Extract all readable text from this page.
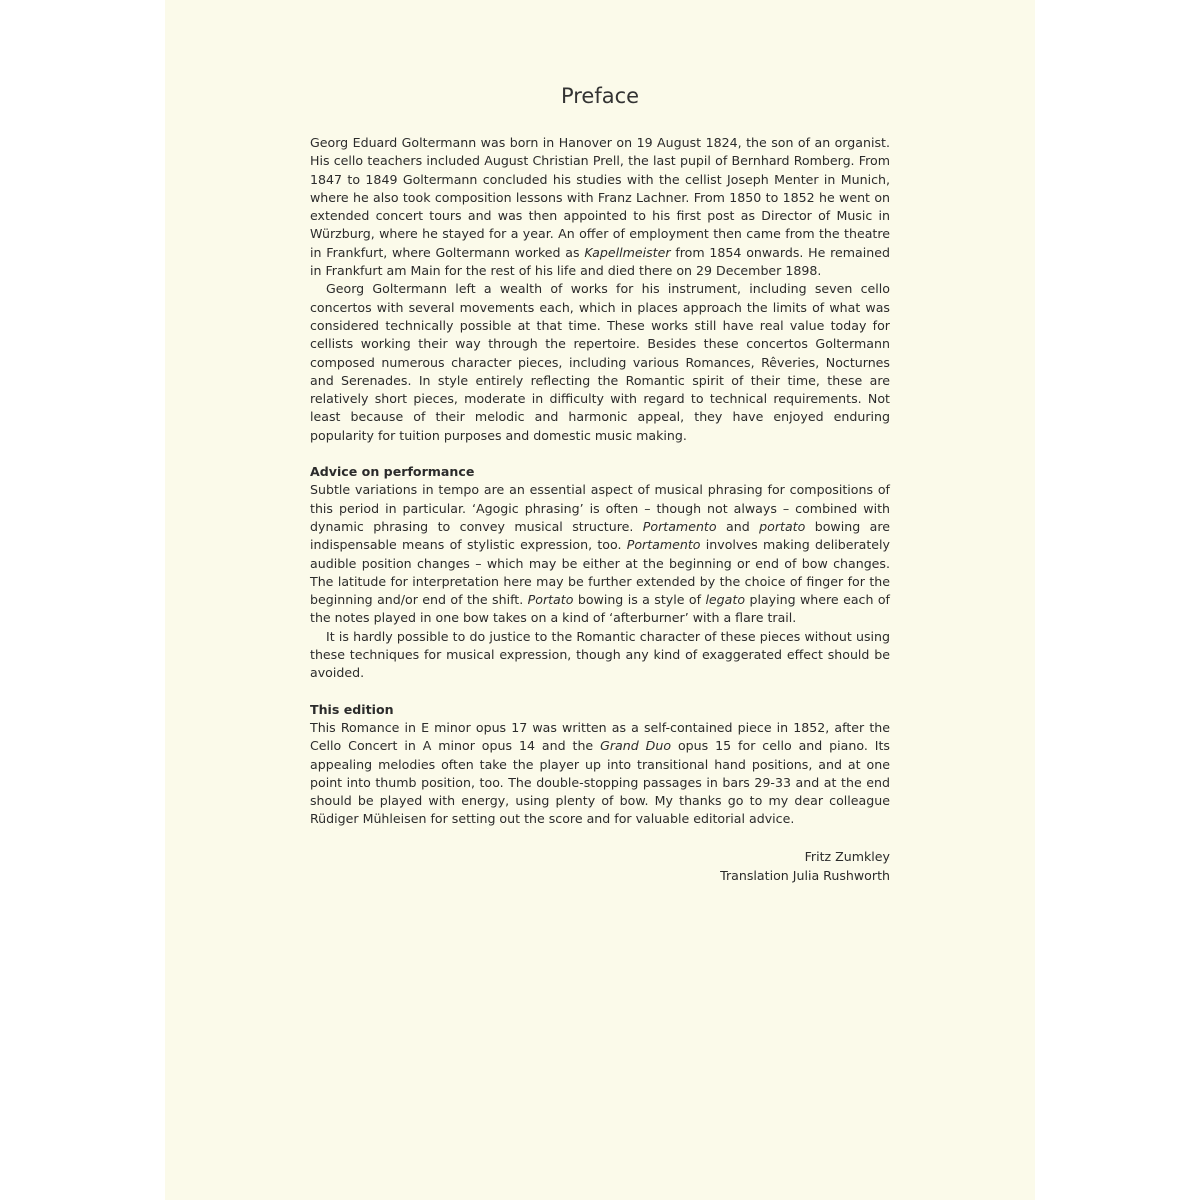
Preface

Georg Eduard Goltermann was born in Hanover on 19 August 1824, the son of an organist. His cello teachers included August Christian Prell, the last pupil of Bernhard Romberg. From 1847 to 1849 Goltermann concluded his studies with the cellist Joseph Menter in Munich, where he also took composition lessons with Franz Lachner. From 1850 to 1852 he went on extended concert tours and was then appointed to his first post as Director of Music in Würzburg, where he stayed for a year. An offer of employment then came from the theatre in Frankfurt, where Goltermann worked as Kapellmeister from 1854 onwards. He remained in Frankfurt am Main for the rest of his life and died there on 29 December 1898.

Georg Goltermann left a wealth of works for his instrument, including seven cello concertos with several movements each, which in places approach the limits of what was considered technically possible at that time. These works still have real value today for cellists working their way through the repertoire. Besides these concertos Goltermann composed numerous character pieces, including various Romances, Rêveries, Nocturnes and Serenades. In style entirely reflecting the Romantic spirit of their time, these are relatively short pieces, moderate in difficulty with regard to technical requirements. Not least because of their melodic and harmonic appeal, they have enjoyed enduring popularity for tuition purposes and domestic music making.

Advice on performance

Subtle variations in tempo are an essential aspect of musical phrasing for compositions of this period in particular. ‘Agogic phrasing’ is often – though not always – combined with dynamic phrasing to convey musical structure. Portamento and portato bowing are indispensable means of stylistic expression, too. Portamento involves making deliberately audible position changes – which may be either at the beginning or end of bow changes. The latitude for interpretation here may be further extended by the choice of finger for the beginning and/or end of the shift. Portato bowing is a style of legato playing where each of the notes played in one bow takes on a kind of ‘afterburner’ with a flare trail.

It is hardly possible to do justice to the Romantic character of these pieces without using these techniques for musical expression, though any kind of exaggerated effect should be avoided.

This edition

This Romance in E minor opus 17 was written as a self-contained piece in 1852, after the Cello Concert in A minor opus 14 and the Grand Duo opus 15 for cello and piano. Its appealing melodies often take the player up into transitional hand positions, and at one point into thumb position, too. The double-stopping passages in bars 29-33 and at the end should be played with energy, using plenty of bow. My thanks go to my dear colleague Rüdiger Mühleisen for setting out the score and for valuable editorial advice.

Fritz Zumkley
Translation Julia Rushworth
